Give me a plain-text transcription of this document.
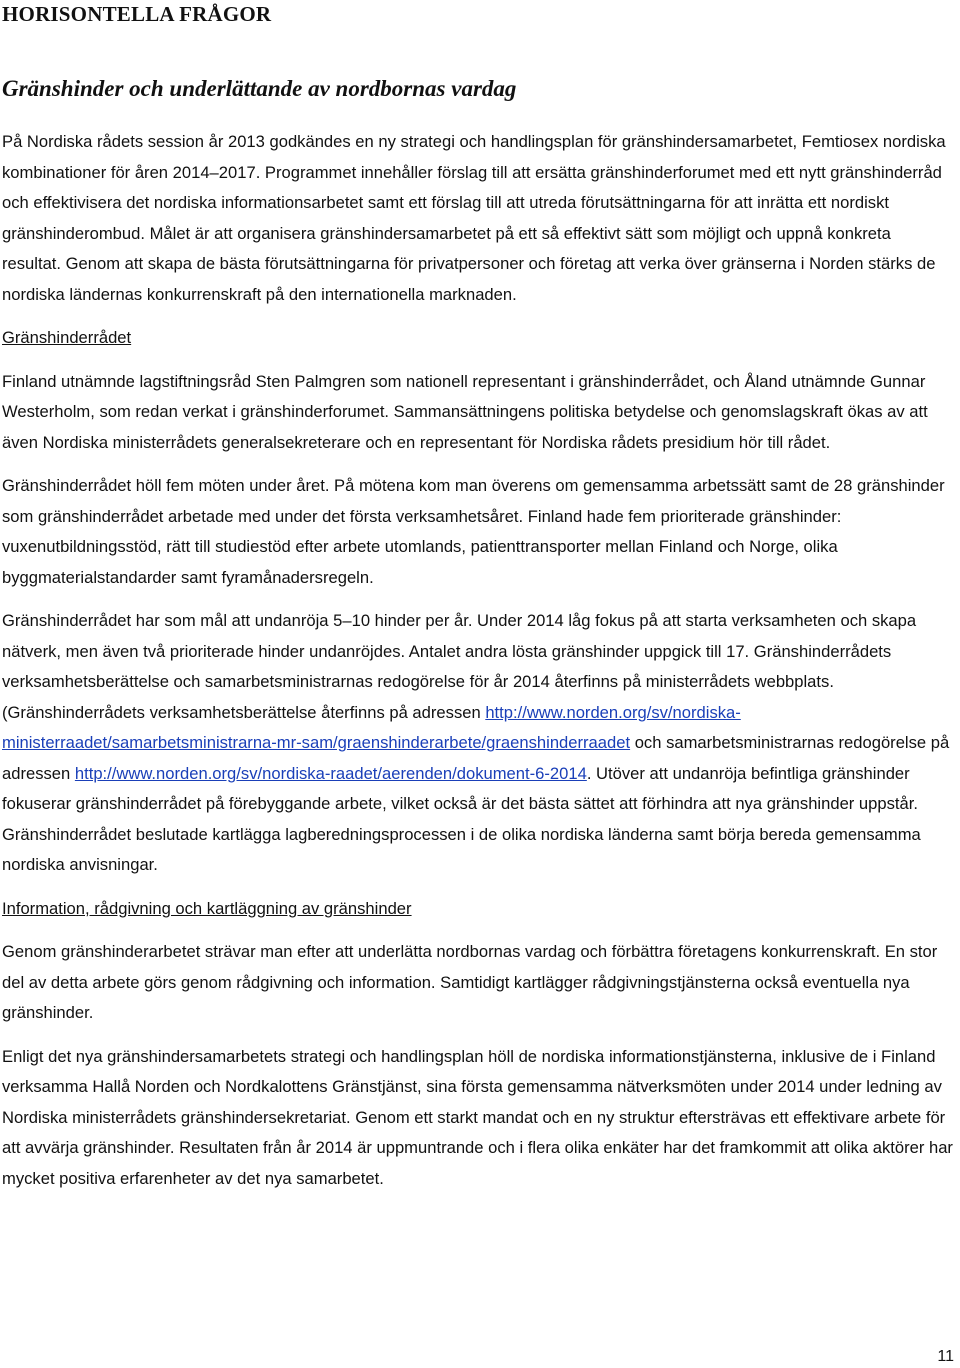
HORISONTELLA FRÅGOR
Gränshinder och underlättande av nordbornas vardag

På Nordiska rådets session år 2013 godkändes en ny strategi och handlingsplan för gränshindersamarbetet, Femtiosex nordiska kombinationer för åren 2014–2017. Programmet innehåller förslag till att ersätta gränshinderforumet med ett nytt gränshinderråd och effektivisera det nordiska informationsarbetet samt ett förslag till att utreda förutsättningarna för att inrätta ett nordiskt gränshinderombud. Målet är att organisera gränshindersamarbetet på ett så effektivt sätt som möjligt och uppnå konkreta resultat. Genom att skapa de bästa förutsättningarna för privatpersoner och företag att verka över gränserna i Norden stärks de nordiska ländernas konkurrenskraft på den internationella marknaden.

Gränshinderrådet

Finland utnämnde lagstiftningsråd Sten Palmgren som nationell representant i gränshinderrådet, och Åland utnämnde Gunnar Westerholm, som redan verkat i gränshinderforumet. Sammansättningens politiska betydelse och genomslagskraft ökas av att även Nordiska ministerrådets generalsekreterare och en representant för Nordiska rådets presidium hör till rådet.

Gränshinderrådet höll fem möten under året. På mötena kom man överens om gemensamma arbetssätt samt de 28 gränshinder som gränshinderrådet arbetade med under det första verksamhetsåret. Finland hade fem prioriterade gränshinder: vuxenutbildningsstöd, rätt till studiestöd efter arbete utomlands, patienttransporter mellan Finland och Norge, olika byggmaterialstandarder samt fyramånadersregeln.

Gränshinderrådet har som mål att undanröja 5–10 hinder per år. Under 2014 låg fokus på att starta verksamheten och skapa nätverk, men även två prioriterade hinder undanröjdes. Antalet andra lösta gränshinder uppgick till 17. Gränshinderrådets verksamhetsberättelse och samarbetsministrarnas redogörelse för år 2014 återfinns på ministerrådets webbplats. (Gränshinderrådets verksamhetsberättelse återfinns på adressen http://www.norden.org/sv/nordiska-ministerraadet/samarbetsministrarna-mr-sam/graenshinderarbete/graenshinderraadet och samarbetsministrarnas redogörelse på adressen http://www.norden.org/sv/nordiska-raadet/aerenden/dokument-6-2014. Utöver att undanröja befintliga gränshinder fokuserar gränshinderrådet på förebyggande arbete, vilket också är det bästa sättet att förhindra att nya gränshinder uppstår. Gränshinderrådet beslutade kartlägga lagberedningsprocessen i de olika nordiska länderna samt börja bereda gemensamma nordiska anvisningar.

Information, rådgivning och kartläggning av gränshinder

Genom gränshinderarbetet strävar man efter att underlätta nordbornas vardag och förbättra företagens konkurrenskraft. En stor del av detta arbete görs genom rådgivning och information. Samtidigt kartlägger rådgivningstjänsterna också eventuella nya gränshinder.

Enligt det nya gränshindersamarbetets strategi och handlingsplan höll de nordiska informationstjänsterna, inklusive de i Finland verksamma Hallå Norden och Nordkalottens Gränstjänst, sina första gemensamma nätverksmöten under 2014 under ledning av Nordiska ministerrådets gränshindersekretariat. Genom ett starkt mandat och en ny struktur eftersträvas ett effektivare arbete för att avvärja gränshinder. Resultaten från år 2014 är uppmuntrande och i flera olika enkäter har det framkommit att olika aktörer har mycket positiva erfarenheter av det nya samarbetet.

11
